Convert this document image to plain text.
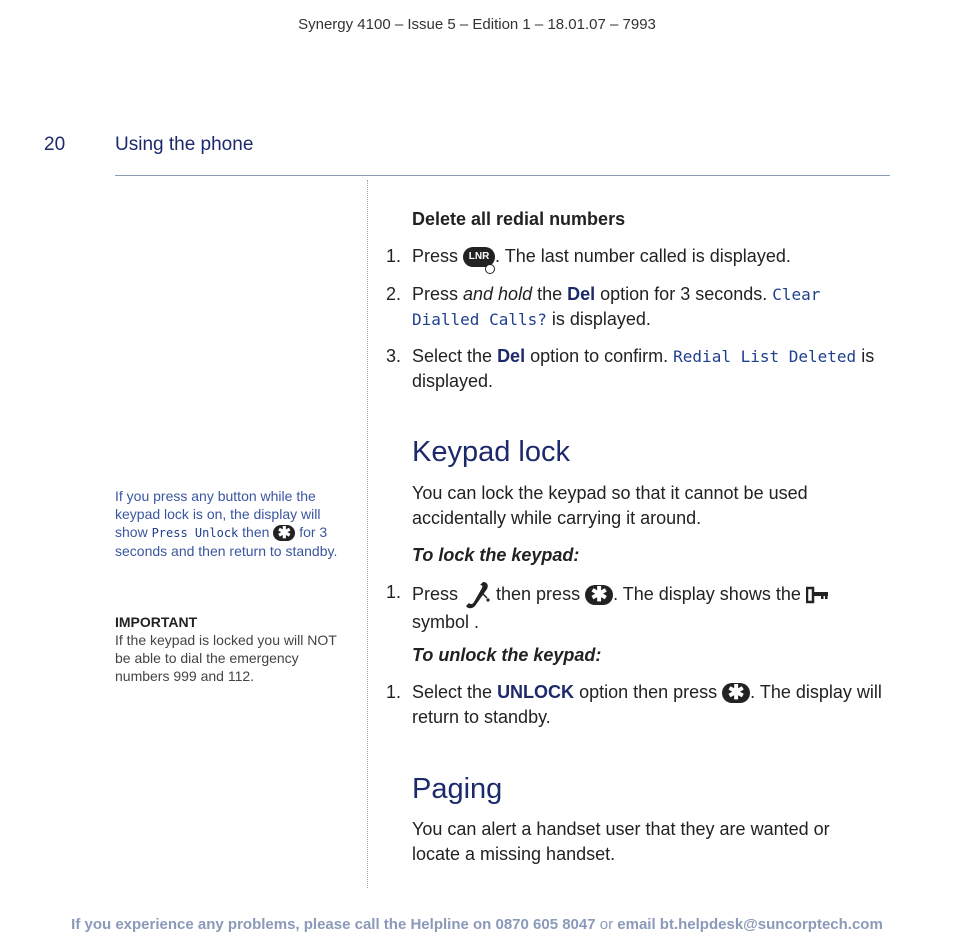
Synergy 4100 – Issue 5 – Edition 1 – 18.01.07 – 7993
20	Using the phone
If you press any button while the keypad lock is on, the display will show Press Unlock then ✱ for 3 seconds and then return to standby.
IMPORTANT
If the keypad is locked you will NOT be able to dial the emergency numbers 999 and 112.
Delete all redial numbers
1. Press LNR . The last number called is displayed.
2. Press and hold the Del option for 3 seconds. Clear Dialled Calls? is displayed.
3. Select the Del option to confirm. Redial List Deleted is displayed.
Keypad lock
You can lock the keypad so that it cannot be used accidentally while carrying it around.
To lock the keypad:
1. Press  then press ✱ . The display shows the  symbol .
To unlock the keypad:
1. Select the UNLOCK option then press ✱ . The display will return to standby.
Paging
You can alert a handset user that they are wanted or locate a missing handset.
If you experience any problems, please call the Helpline on 0870 605 8047 or email bt.helpdesk@suncorptech.com
